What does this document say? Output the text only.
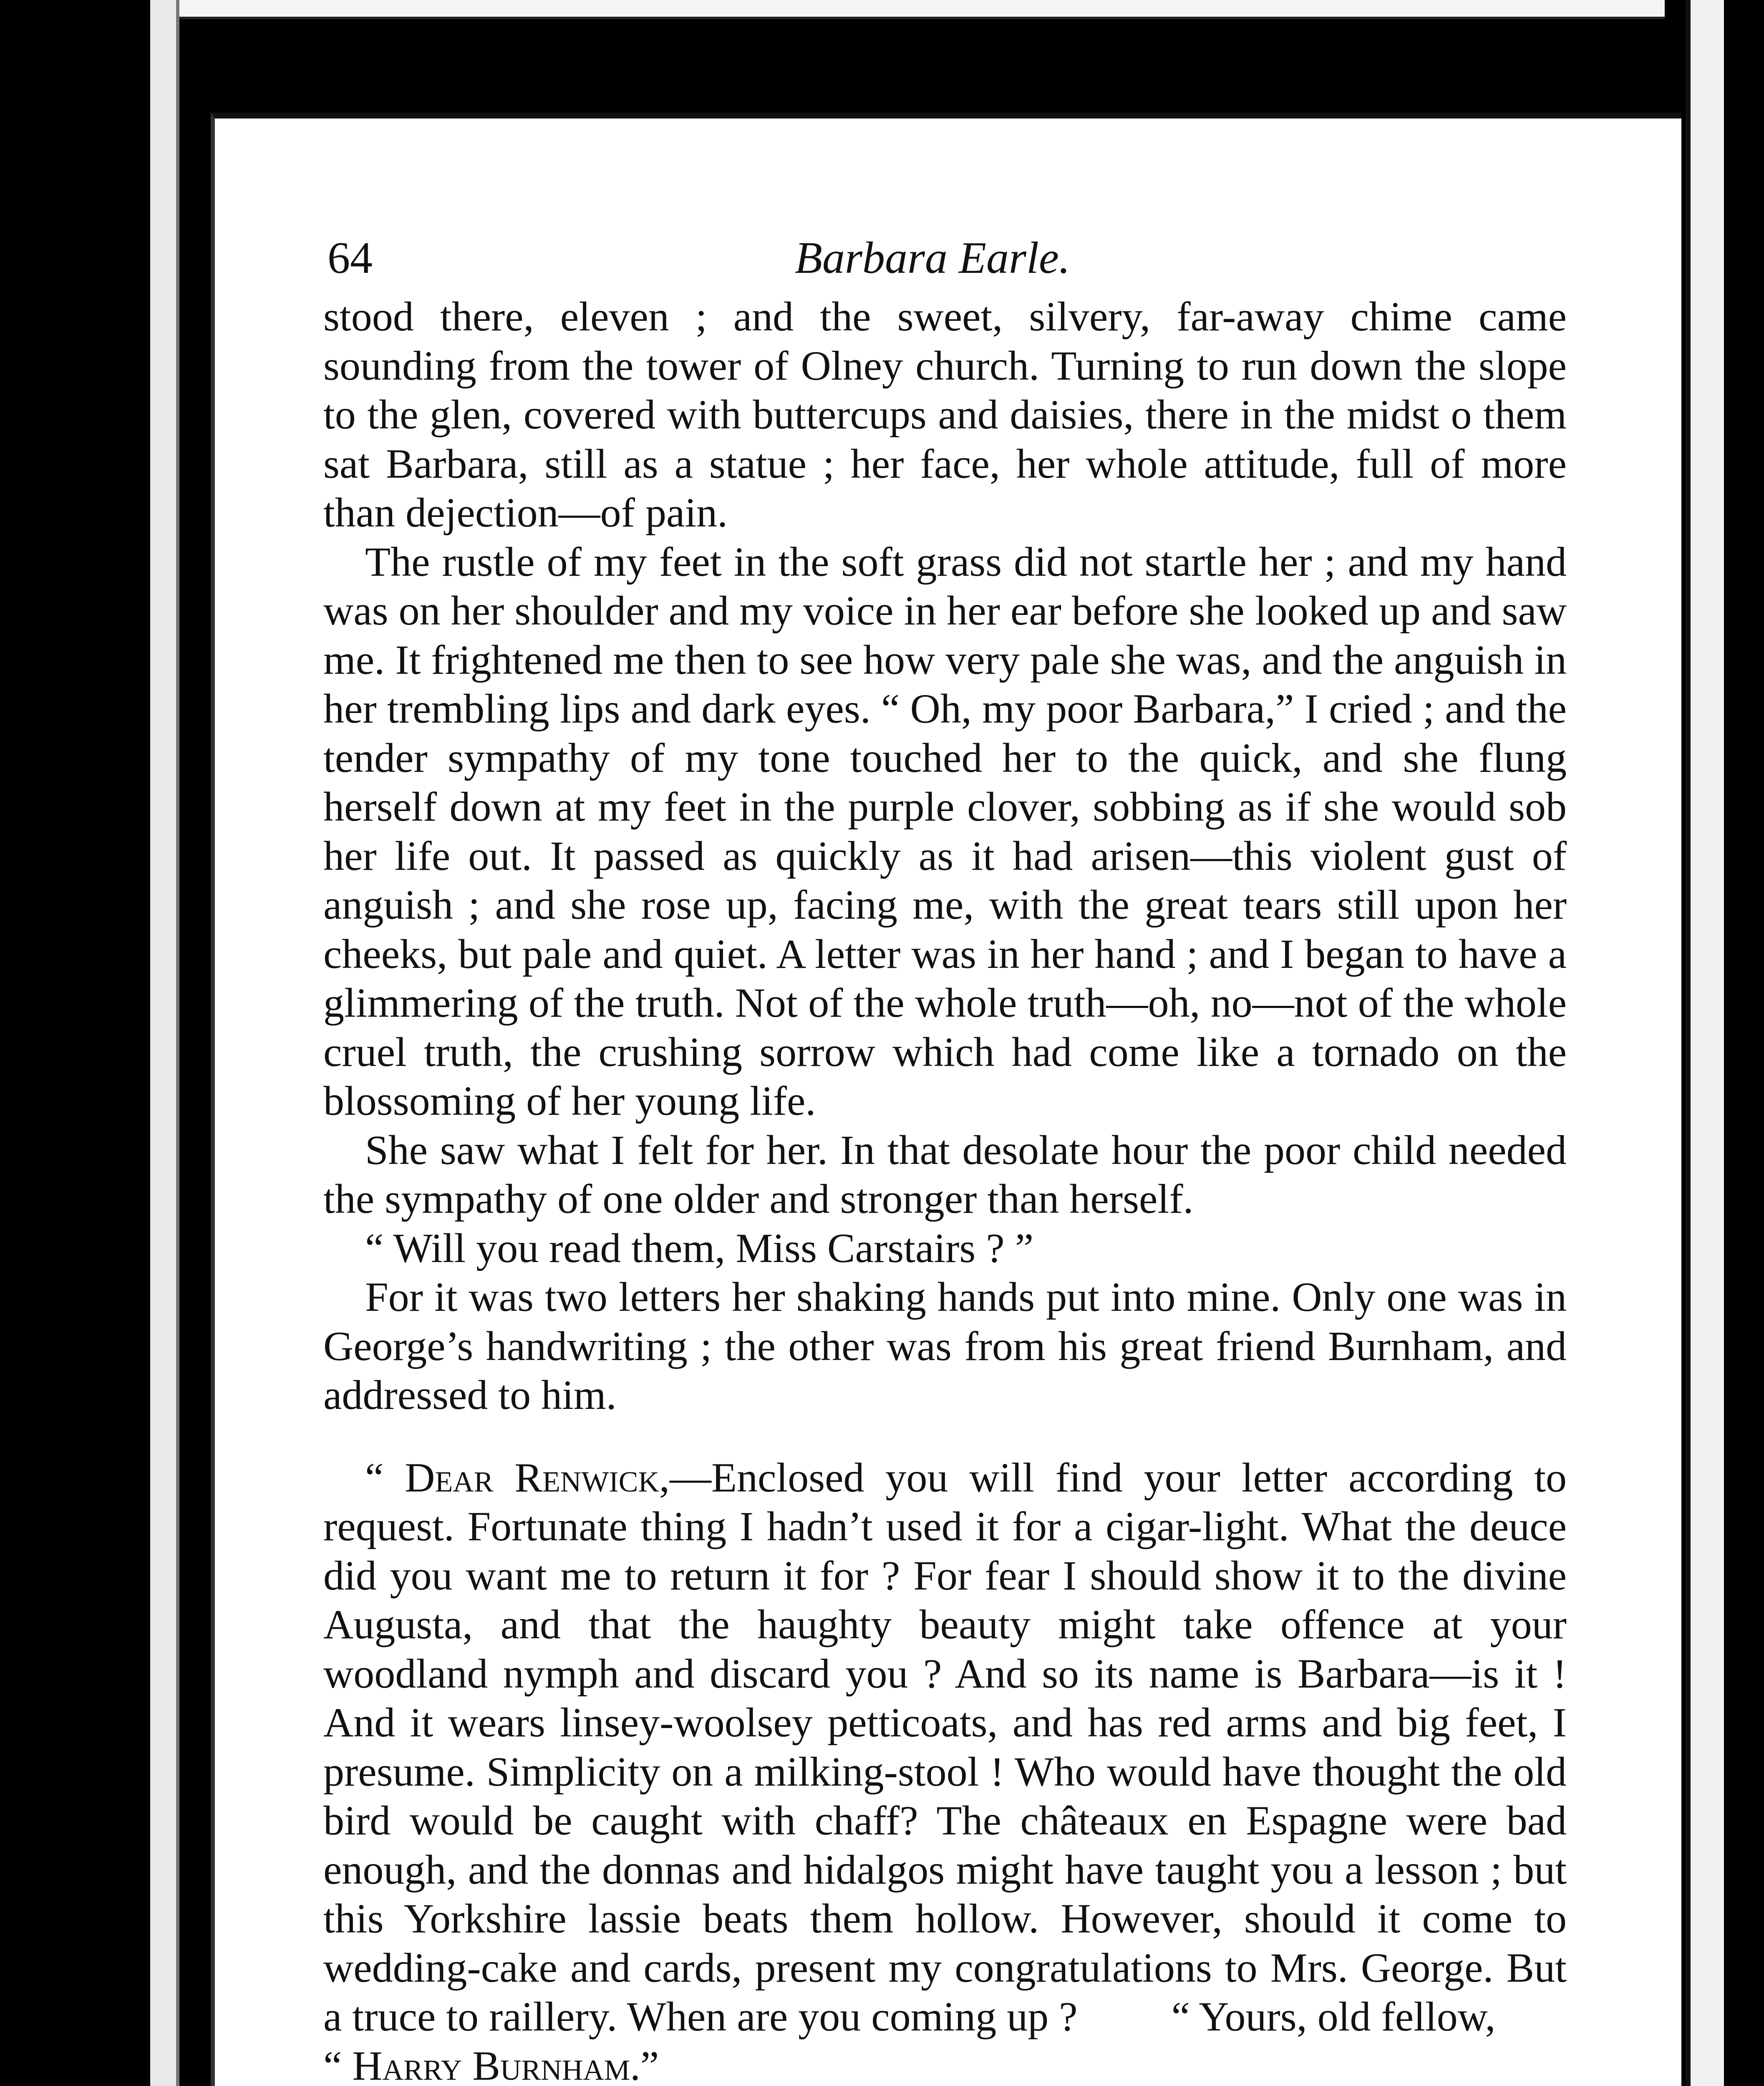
64	Barbara Earle.

stood there, eleven ; and the sweet, silvery, far-away chime came sounding from the tower of Olney church. Turning to run down the slope to the glen, covered with buttercups and daisies, there in the midst o them sat Barbara, still as a statue ; her face, her whole attitude, full of more than dejection—of pain.

The rustle of my feet in the soft grass did not startle her ; and my hand was on her shoulder and my voice in her ear before she looked up and saw me. It frightened me then to see how very pale she was, and the anguish in her trembling lips and dark eyes. “ Oh, my poor Barbara,” I cried ; and the tender sympathy of my tone touched her to the quick, and she flung herself down at my feet in the purple clover, sobbing as if she would sob her life out. It passed as quickly as it had arisen—this violent gust of anguish ; and she rose up, facing me, with the great tears still upon her cheeks, but pale and quiet. A letter was in her hand ; and I began to have a glimmering of the truth. Not of the whole truth—oh, no—not of the whole cruel truth, the crushing sorrow which had come like a tornado on the blossoming of her young life.

She saw what I felt for her. In that desolate hour the poor child needed the sympathy of one older and stronger than herself.

“ Will you read them, Miss Carstairs ? ”

For it was two letters her shaking hands put into mine. Only one was in George’s handwriting ; the other was from his great friend Burnham, and addressed to him.

“ Dear Renwick,—Enclosed you will find your letter according to request. Fortunate thing I hadn’t used it for a cigar-light. What the deuce did you want me to return it for ? For fear I should show it to the divine Augusta, and that the haughty beauty might take offence at your woodland nymph and discard you ? And so its name is Barbara—is it ! And it wears linsey-woolsey petticoats, and has red arms and big feet, I presume. Simplicity on a milking-stool ! Who would have thought the old bird would be caught with chaff? The châteaux en Espagne were bad enough, and the donnas and hidalgos might have taught you a lesson ; but this Yorkshire lassie beats them hollow. However, should it come to wedding-cake and cards, present my congratulations to Mrs. George. But a truce to raillery. When are you coming up ? “ Yours, old fellow,

“ Harry Burnham.”
